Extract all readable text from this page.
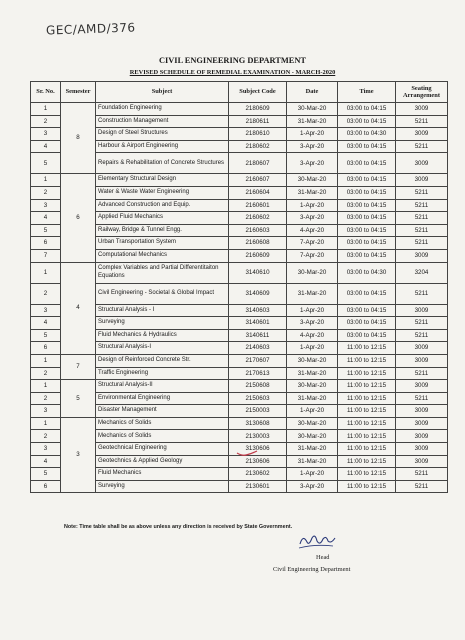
GEC/AMD/376
CIVIL ENGINEERING DEPARTMENT
REVISED SCHEDULE OF REMEDIAL EXAMINATION - MARCH-2020
Sr. No.	Semester	Subject	Subject Code	Date	Time	Seating Arrangement
1	8	Foundation Engineering	2180609	30-Mar-20	03:00 to 04:15	3009
2		Construction Management	2180611	31-Mar-20	03:00 to 04:15	5211
3		Design of Steel Structures	2180610	1-Apr-20	03:00 to 04:30	3009
4		Harbour & Airport Engineering	2180602	3-Apr-20	03:00 to 04:15	5211
5		Repairs & Rehabilitation of Concrete Structures	2180607	3-Apr-20	03:00 to 04:15	3009
1	6	Elementary Structural Design	2160607	30-Mar-20	03:00 to 04:15	3009
2		Water & Waste Water Engineering	2160604	31-Mar-20	03:00 to 04:15	5211
3		Advanced Construction and Equip.	2160601	1-Apr-20	03:00 to 04:15	5211
4		Applied Fluid Mechanics	2160602	3-Apr-20	03:00 to 04:15	5211
5		Railway, Bridge & Tunnel Engg.	2160603	4-Apr-20	03:00 to 04:15	5211
6		Urban Transportation System	2160608	7-Apr-20	03:00 to 04:15	5211
7		Computational Mechanics	2160609	7-Apr-20	03:00 to 04:15	3009
1	4	Complex Variables and Partial Differentitaiton Equations	3140610	30-Mar-20	03:00 to 04:30	3204
2		Civil Engineering - Societal & Global Impact	3140609	31-Mar-20	03:00 to 04:15	5211
3		Structural Analysis - I	3140603	1-Apr-20	03:00 to 04:15	3009
4		Surveying	3140601	3-Apr-20	03:00 to 04:15	5211
5		Fluid Mechanics & Hydraulics	3140611	4-Apr-20	03:00 to 04:15	5211
6		Structural Analysis-I	2140603	1-Apr-20	11:00 to 12:15	3009
1	7	Design of Reinforced Concrete Str.	2170607	30-Mar-20	11:00 to 12:15	3009
2		Traffic Engineering	2170613	31-Mar-20	11:00 to 12:15	5211
1	5	Structural Analysis-II	2150608	30-Mar-20	11:00 to 12:15	3009
2		Environmental Engineering	2150603	31-Mar-20	11:00 to 12:15	5211
3		Disaster Management	2150003	1-Apr-20	11:00 to 12:15	3009
1	3	Mechanics of Solids	3130608	30-Mar-20	11:00 to 12:15	3009
2		Mechanics of Solids	2130003	30-Mar-20	11:00 to 12:15	3009
3		Geotechnical Engineering	3130606	31-Mar-20	11:00 to 12:15	3009
4		Geotechnics & Applied Geology	2130606	31-Mar-20	11:00 to 12:15	3009
5		Fluid Mechanics	2130602	1-Apr-20	11:00 to 12:15	5211
6		Surveying	2130601	3-Apr-20	11:00 to 12:15	5211
Note: Time table shall be as above unless any direction is received by State Government.
Head
Civil Engineering Department
